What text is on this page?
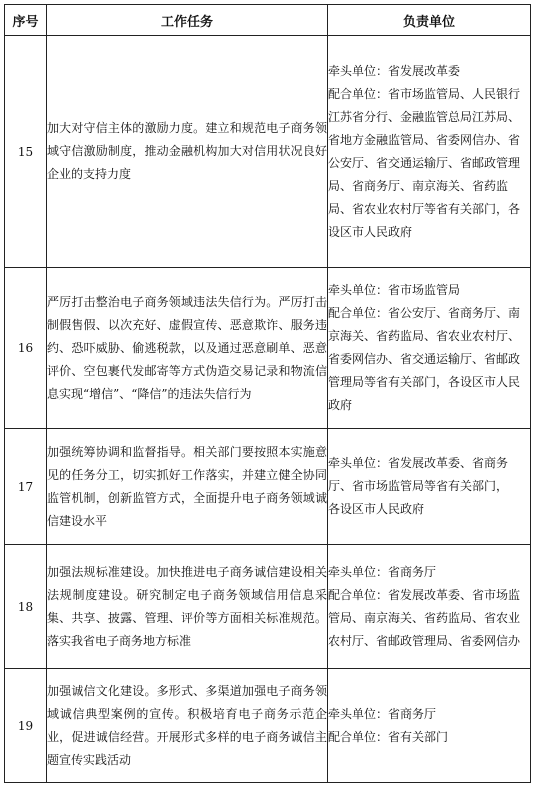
序号	工作任务	负责单位
15	加大对守信主体的激励力度。建立和规范电子商务领域守信激励制度，推动金融机构加大对信用状况良好企业的支持力度	牵头单位：省发展改革委
配合单位：省市场监管局、人民银行江苏省分行、金融监管总局江苏局、省地方金融监管局、省委网信办、省公安厅、省交通运输厅、省邮政管理局、省商务厅、南京海关、省药监局、省农业农村厅等省有关部门，各设区市人民政府

16	严厉打击整治电子商务领域违法失信行为。严厉打击制假售假、以次充好、虚假宣传、恶意欺诈、服务违约、恐吓威胁、偷逃税款，以及通过恶意刷单、恶意评价、空包裹代发邮寄等方式伪造交易记录和物流信息实现“增信”、“降信”的违法失信行为	牵头单位：省市场监管局
配合单位：省公安厅、省商务厅、南京海关、省药监局、省农业农村厅、省委网信办、省交通运输厅、省邮政管理局等省有关部门，各设区市人民政府

17	加强统筹协调和监督指导。相关部门要按照本实施意见的任务分工，切实抓好工作落实，并建立健全协同监管机制，创新监管方式，全面提升电子商务领域诚信建设水平	牵头单位：省发展改革委、省商务厅、省市场监管局等省有关部门，
各设区市人民政府

18	加强法规标准建设。加快推进电子商务诚信建设相关法规制度建设。研究制定电子商务领域信用信息采集、共享、披露、管理、评价等方面相关标准规范。落实我省电子商务地方标准	牵头单位：省商务厅
配合单位：省发展改革委、省市场监管局、南京海关、省药监局、省农业农村厅、省邮政管理局、省委网信办

19	加强诚信文化建设。多形式、多渠道加强电子商务领域诚信典型案例的宣传。积极培育电子商务示范企业，促进诚信经营。开展形式多样的电子商务诚信主题宣传实践活动	牵头单位：省商务厅
配合单位：省有关部门
